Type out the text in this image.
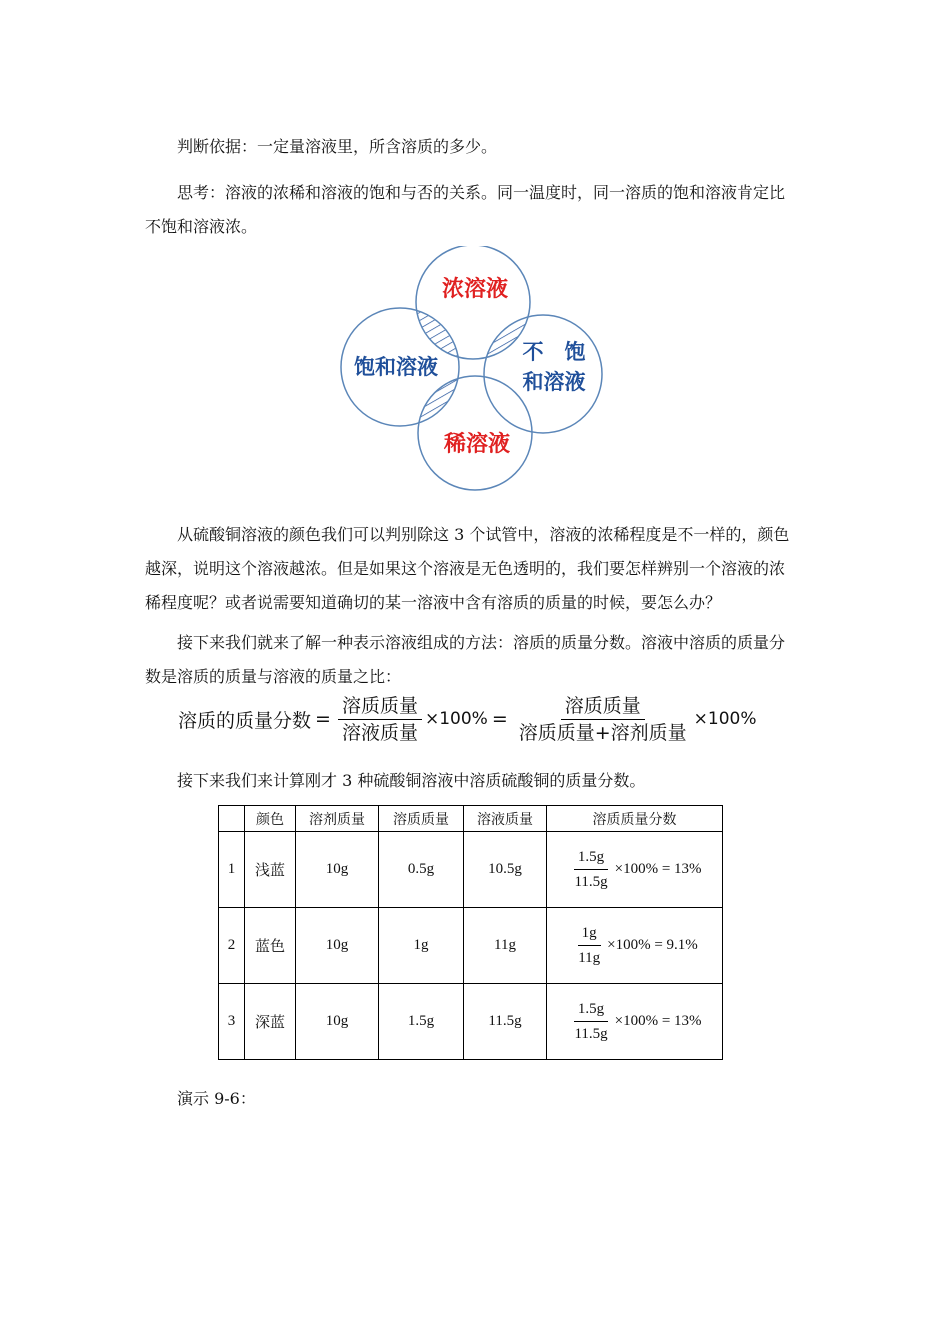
判断依据：一定量溶液里，所含溶质的多少。

思考：溶液的浓稀和溶液的饱和与否的关系。同一温度时，同一溶质的饱和溶液肯定比不饱和溶液浓。

浓溶液
饱和溶液
不　饱
和溶液
稀溶液

从硫酸铜溶液的颜色我们可以判别除这 3 个试管中，溶液的浓稀程度是不一样的，颜色越深，说明这个溶液越浓。但是如果这个溶液是无色透明的，我们要怎样辨别一个溶液的浓稀程度呢？或者说需要知道确切的某一溶液中含有溶质的质量的时候，要怎么办？

接下来我们就来了解一种表示溶液组成的方法：溶质的质量分数。溶液中溶质的质量分数是溶质的质量与溶液的质量之比：

溶质的质量分数 = $\frac{\text{溶质质量}}{\text{溶液质量}} \times 100\% = \frac{\text{溶质质量}}{\text{溶质质量+溶剂质量}} \times 100\%$

接下来我们来计算刚才 3 种硫酸铜溶液中溶质硫酸铜的质量分数。

	颜色	溶剂质量	溶质质量	溶液质量	溶质质量分数
1	浅蓝	10g	0.5g	10.5g	$\frac{1.5g}{11.5g} \times 100\% = 13\%$

2	蓝色	10g	1g	11g	$\frac{1g}{11g} \times 100\% = 9.1\%$

3	深蓝	10g	1.5g	11.5g	$\frac{1.5g}{11.5g} \times 100\% = 13\%$

演示 9-6：
